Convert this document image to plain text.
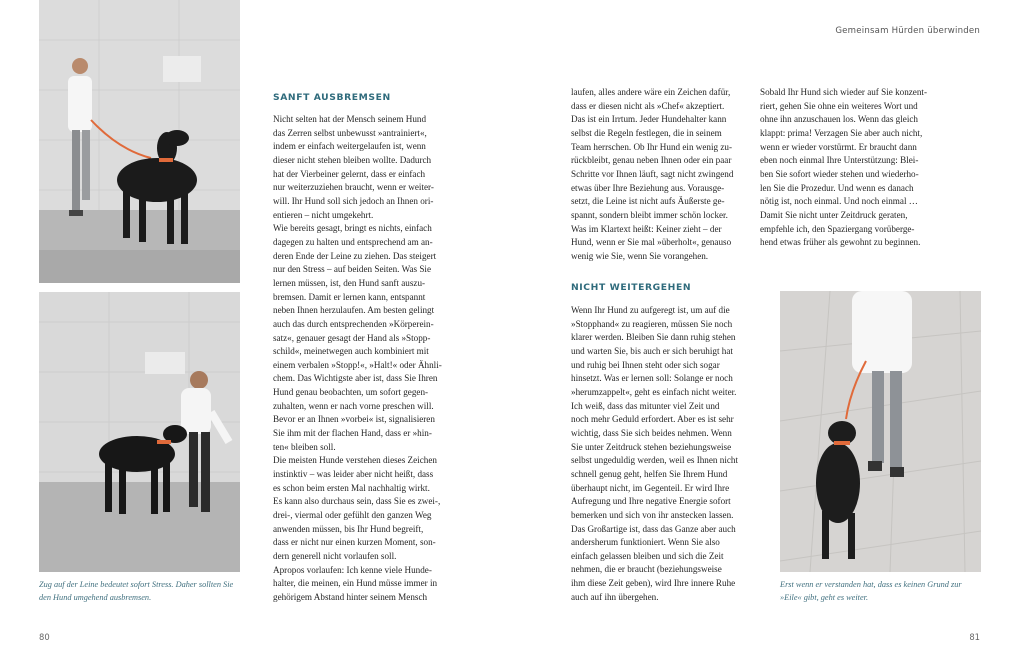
Gemeinsam Hürden überwinden
Zug auf der Leine bedeutet sofort Stress. Daher sollten Sie
den Hund umgehend ausbremsen.
SANFT AUSBREMSEN

Nicht selten hat der Mensch seinem Hund

das Zerren selbst unbewusst »antrainiert«,

indem er einfach weitergelaufen ist, wenn

dieser nicht stehen bleiben wollte. Dadurch

hat der Vierbeiner gelernt, dass er einfach

nur weiterzuziehen braucht, wenn er weiter-

will. Ihr Hund soll sich jedoch an Ihnen ori-

entieren – nicht umgekehrt.

Wie bereits gesagt, bringt es nichts, einfach

dagegen zu halten und entsprechend am an-

deren Ende der Leine zu ziehen. Das steigert

nur den Stress – auf beiden Seiten. Was Sie

lernen müssen, ist, den Hund sanft auszu-

bremsen. Damit er lernen kann, entspannt

neben Ihnen herzulaufen. Am besten gelingt

auch das durch entsprechenden »Körperein-

satz«, genauer gesagt der Hand als »Stopp-

schild«, meinetwegen auch kombiniert mit

einem verbalen »Stopp!«, »Halt!« oder Ähnli-

chem. Das Wichtigste aber ist, dass Sie Ihren

Hund genau beobachten, um sofort gegen-

zuhalten, wenn er nach vorne preschen will.

Bevor er an Ihnen »vorbei« ist, signalisieren

Sie ihm mit der flachen Hand, dass er »hin-

ten« bleiben soll.

Die meisten Hunde verstehen dieses Zeichen

instinktiv – was leider aber nicht heißt, dass

es schon beim ersten Mal nachhaltig wirkt.

Es kann also durchaus sein, dass Sie es zwei-,

drei-, viermal oder gefühlt den ganzen Weg

anwenden müssen, bis Ihr Hund begreift,

dass er nicht nur einen kurzen Moment, son-

dern generell nicht vorlaufen soll.

Apropos vorlaufen: Ich kenne viele Hunde-

halter, die meinen, ein Hund müsse immer in

gehörigem Abstand hinter seinem Mensch

laufen, alles andere wäre ein Zeichen dafür,

dass er diesen nicht als »Chef« akzeptiert.

Das ist ein Irrtum. Jeder Hundehalter kann

selbst die Regeln festlegen, die in seinem

Team herrschen. Ob Ihr Hund ein wenig zu-

rückbleibt, genau neben Ihnen oder ein paar

Schritte vor Ihnen läuft, sagt nicht zwingend

etwas über Ihre Beziehung aus. Vorausge-

setzt, die Leine ist nicht aufs Äußerste ge-

spannt, sondern bleibt immer schön locker.

Was im Klartext heißt: Keiner zieht – der

Hund, wenn er Sie mal »überholt«, genauso

wenig wie Sie, wenn Sie vorangehen.

NICHT WEITERGEHEN

Wenn Ihr Hund zu aufgeregt ist, um auf die

»Stopphand« zu reagieren, müssen Sie noch

klarer werden. Bleiben Sie dann ruhig stehen

und warten Sie, bis auch er sich beruhigt hat

und ruhig bei Ihnen steht oder sich sogar

hinsetzt. Was er lernen soll: Solange er noch

»herumzappelt«, geht es einfach nicht weiter.

Ich weiß, dass das mitunter viel Zeit und

noch mehr Geduld erfordert. Aber es ist sehr

wichtig, dass Sie sich beides nehmen. Wenn

Sie unter Zeitdruck stehen beziehungsweise

selbst ungeduldig werden, weil es Ihnen nicht

schnell genug geht, helfen Sie Ihrem Hund

überhaupt nicht, im Gegenteil. Er wird Ihre

Aufregung und Ihre negative Energie sofort

bemerken und sich von ihr anstecken lassen.

Das Großartige ist, dass das Ganze aber auch

andersherum funktioniert. Wenn Sie also

einfach gelassen bleiben und sich die Zeit

nehmen, die er braucht (beziehungsweise

ihm diese Zeit geben), wird Ihre innere Ruhe

auch auf ihn übergehen.

Sobald Ihr Hund sich wieder auf Sie konzent-

riert, gehen Sie ohne ein weiteres Wort und

ohne ihn anzuschauen los. Wenn das gleich

klappt: prima! Verzagen Sie aber auch nicht,

wenn er wieder vorstürmt. Er braucht dann

eben noch einmal Ihre Unterstützung: Blei-

ben Sie sofort wieder stehen und wiederho-

len Sie die Prozedur. Und wenn es danach

nötig ist, noch einmal. Und noch einmal …

Damit Sie nicht unter Zeitdruck geraten,

empfehle ich, den Spaziergang vorüberge-

hend etwas früher als gewohnt zu beginnen.

Erst wenn er verstanden hat, dass es keinen Grund zur
»Eile« gibt, geht es weiter.
80	81
